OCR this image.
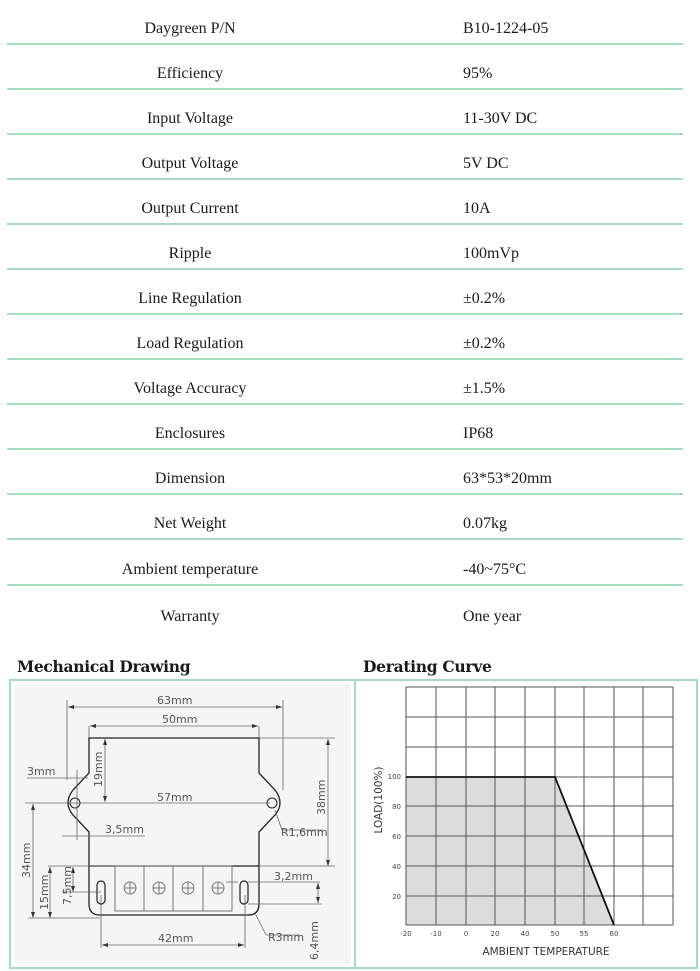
Daygreen P/N	B10-1224-05
Efficiency	95%
Input Voltage	11-30V DC
Output Voltage	5V DC
Output Current	10A
Ripple	100mVp
Line Regulation	±0.2%
Load Regulation	±0.2%
Voltage Accuracy	±1.5%
Enclosures	IP68
Dimension	63*53*20mm
Net Weight	0.07kg
Ambient temperature	-40~75°C
Warranty	One year
Mechanical Drawing	Derating Curve
63mm
50mm
57mm
3mm
3,5mm	R1,6mm
3,2mm
42mm	R3mm
19mm
38mm
34mm
15mm 7,5mm
6,4mm
100
80
60
40
20
-20	-10	0	20	40	50	55	60
AMBIENT TEMPERATURE
LOAD(100%)
